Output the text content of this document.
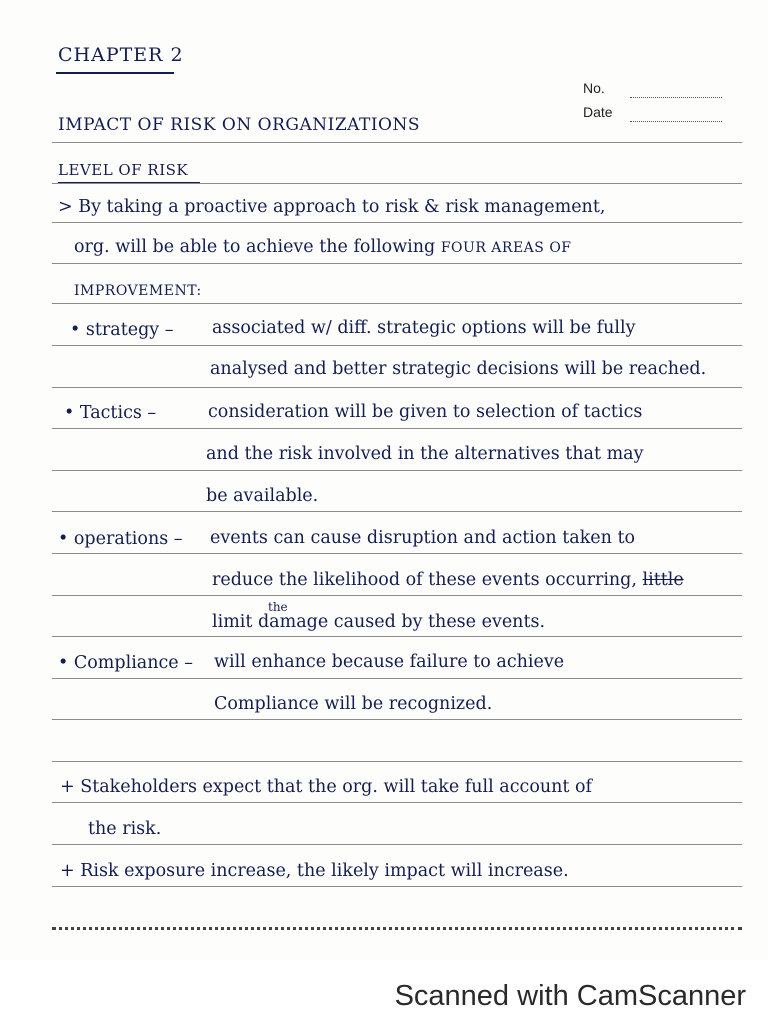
CHAPTER 2
No.
Date
IMPACT OF RISK ON ORGANIZATIONS
LEVEL OF RISK
> By taking a proactive approach to risk & risk management,
org. will be able to achieve the following FOUR AREAS OF
IMPROVEMENT:
• strategy – associated w/ diff. strategic options will be fully
analysed and better strategic decisions will be reached.
• Tactics –	consideration will be given to selection of tactics
and the risk involved in the alternatives that may
be available.
• operations – events can cause disruption and action taken to
reduce the likelihood of these events occurring, little
the
limit damage caused by these events.
• Compliance – will enhance because failure to achieve
Compliance will be recognized.
+ Stakeholders expect that the org. will take full account of
the risk.
+ Risk exposure increase, the likely impact will increase.
Scanned with CamScanner
